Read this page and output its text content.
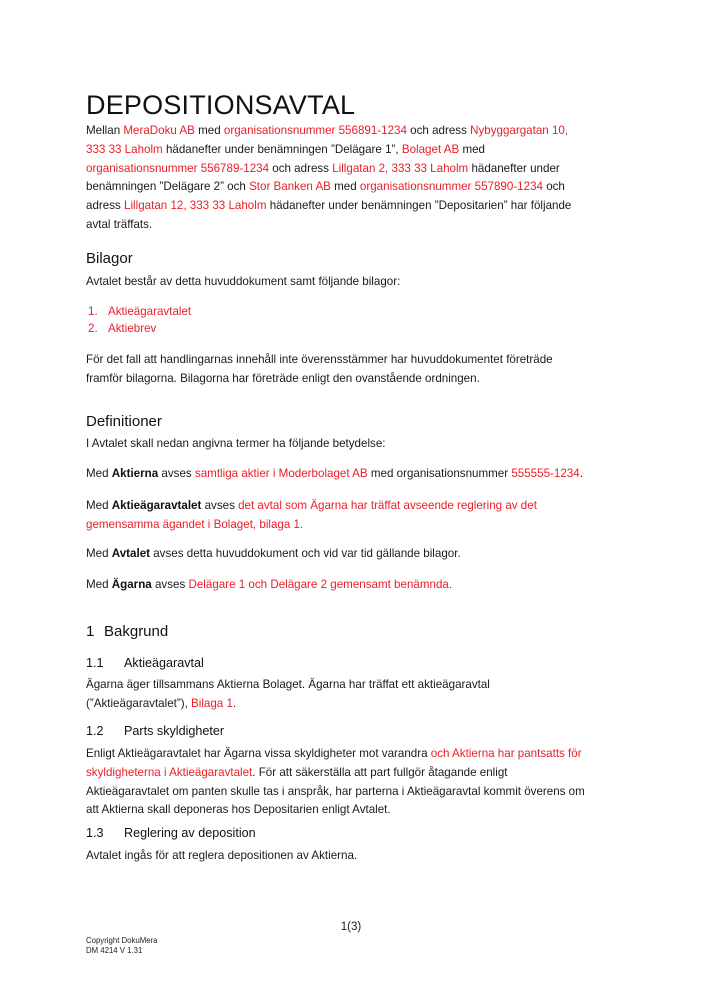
DEPOSITIONSAVTAL
Mellan MeraDoku AB med organisationsnummer 556891-1234 och adress Nybyggargatan 10,
333 33 Laholm hädanefter under benämningen ”Delägare 1”, Bolaget AB med
organisationsnummer 556789-1234 och adress Lillgatan 2, 333 33 Laholm hädanefter under
benämningen ”Delägare 2” och Stor Banken AB med organisationsnummer 557890-1234 och
adress Lillgatan 12, 333 33 Laholm hädanefter under benämningen ”Depositarien” har följande
avtal träffats.
Bilagor
Avtalet består av detta huvuddokument samt följande bilagor:
1. Aktieägaravtalet
2. Aktiebrev
För det fall att handlingarnas innehåll inte överensstämmer har huvuddokumentet företräde
framför bilagorna. Bilagorna har företräde enligt den ovanstående ordningen.
Definitioner
I Avtalet skall nedan angivna termer ha följande betydelse:
Med Aktierna avses samtliga aktier i Moderbolaget AB med organisationsnummer 555555-1234.
Med Aktieägaravtalet avses det avtal som Ägarna har träffat avseende reglering av det
gemensamma ägandet i Bolaget, bilaga 1.
Med Avtalet avses detta huvuddokument och vid var tid gällande bilagor.
Med Ägarna avses Delägare 1 och Delägare 2 gemensamt benämnda.
1 Bakgrund
1.1 Aktieägaravtal
Ägarna äger tillsammans Aktierna Bolaget. Ägarna har träffat ett aktieägaravtal
(”Aktieägaravtalet”), Bilaga 1.
1.2 Parts skyldigheter
Enligt Aktieägaravtalet har Ägarna vissa skyldigheter mot varandra och Aktierna har pantsatts för
skyldigheterna i Aktieägaravtalet. För att säkerställa att part fullgör åtagande enligt
Aktieägaravtalet om panten skulle tas i anspråk, har parterna i Aktieägaravtal kommit överens om
att Aktierna skall deponeras hos Depositarien enligt Avtalet.
1.3 Reglering av deposition
Avtalet ingås för att reglera depositionen av Aktierna.
1(3)
Copyright DokuMera
DM 4214 V 1.31
